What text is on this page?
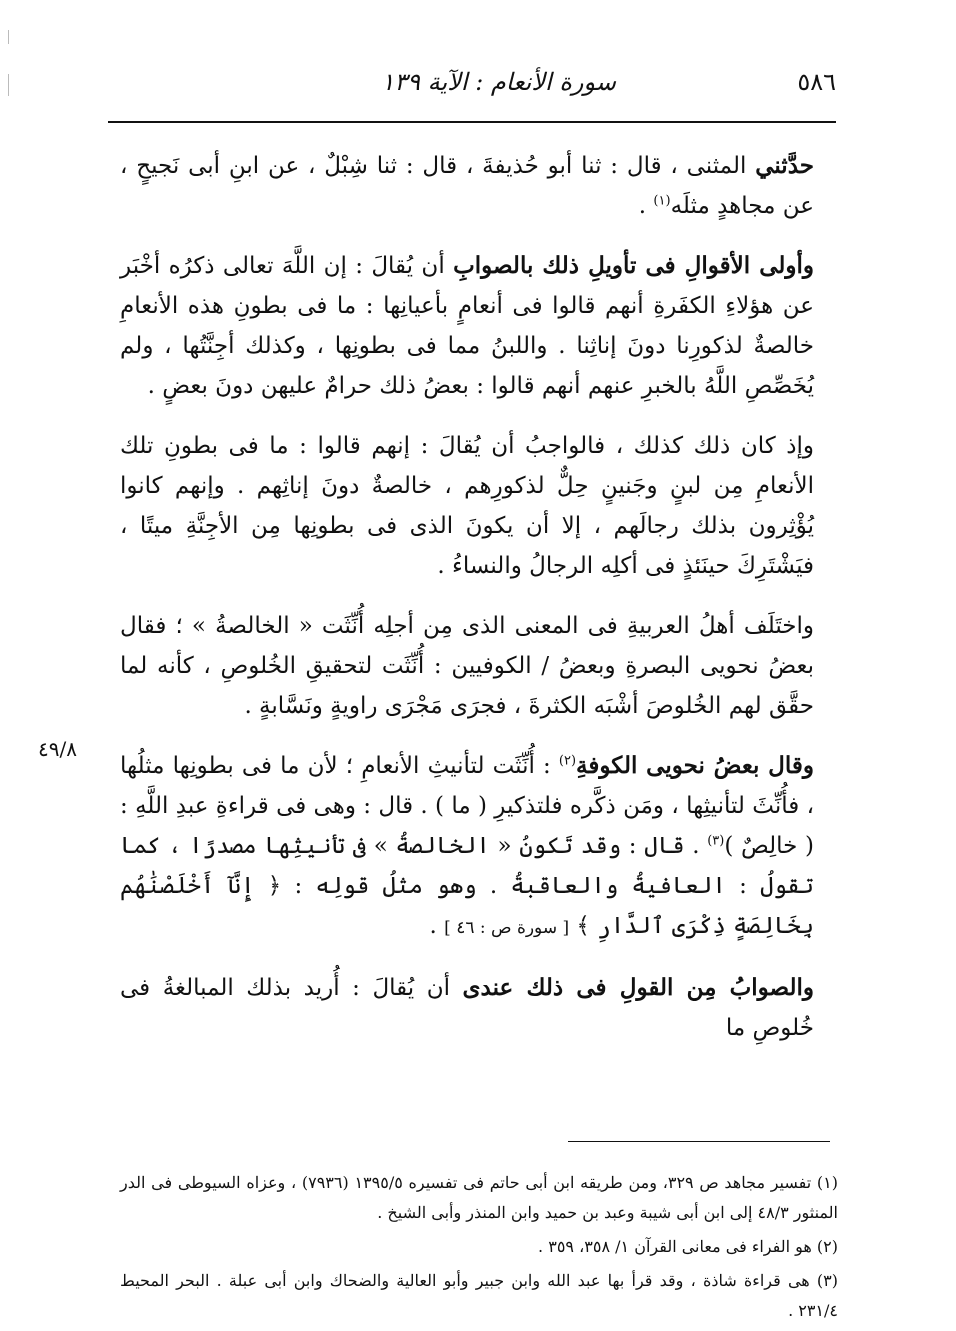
٥٨٦
سورة الأنعام : الآية ١٣٩

حدَّثني المثنى ، قال : ثنا أبو حُذيفةَ ، قال : ثنا شِبْلٌ ، عن ابنِ أبى نَجيحٍ ، عن مجاهدٍ مثلَه$^{(١)}$ .

وأولى الأقوالِ فى تأويلِ ذلك بالصوابِ أن يُقالَ : إن اللَّهَ تعالى ذكرُه أخْبَر عن هؤلاءِ الكفَرةِ أنهم قالوا فى أنعامٍ بأعيانِها : ما فى بطونِ هذه الأنعامِ خالصةٌ لذكورِنا دونَ إناثِنا . واللبنُ مما فى بطونِها ، وكذلك أجِنَّتُها ، ولم يُخَصِّصِ اللَّهُ بالخبرِ عنهم أنهم قالوا : بعضُ ذلك حرامٌ عليهن دونَ بعضٍ .

وإذ كان ذلك كذلك ، فالواجبُ أن يُقالَ : إنهم قالوا : ما فى بطونِ تلك الأنعامِ مِن لبنٍ وجَنينٍ حِلٌّ لذكورِهم ، خالصةٌ دونَ إناثِهم . وإنهم كانوا يُؤْثِرون بذلك رجالَهم ، إلا أن يكونَ الذى فى بطونِها مِن الأجِنَّةِ ميتًا ، فيَشْتَرِكَ حينَئذٍ فى أكلِه الرجالُ والنساءُ .

واختَلَف أهلُ العربيةِ فى المعنى الذى مِن أجلِه أُنِّثَت « الخالصةُ » ؛ فقال بعضُ نحويى البصرةِ وبعضُ / الكوفيين : أُنِّثَت لتحقيقِ الخُلوصِ ، كأنه لما حقَّق لهم الخُلوصَ أشْبَه الكثرةَ ، فجرَى مَجْرَى راويةٍ ونَسَّابةٍ .

وقال بعضُ نحويى الكوفةِ$^{(٢)}$ : أُنِّثَت لتأنيثِ الأنعامِ ؛ لأن ما فى بطونِها مثلُها ، فأُنِّثَ لتأنيثِها ، ومَن ذكَّره فلتذكيرِ ( ما ) . قال : وهى فى قراءةِ عبدِ اللَّهِ : ( خالِصٌ )$^{(٣)}$ . قال : وقد تَكونُ « الخالصةُ » فى تأنيثِها مصدرًا ، كما تقولُ : العافيةُ والعاقبةُ . وهو مثلُ قولِه : ﴿ إِنَّآ أَخْلَصْنَٰهُم بِخَالِصَةٍ ذِكْرَى ٱلدَّارِ ﴾ [ سورة ص : ٤٦ ] .

والصوابُ مِن القولِ فى ذلك عندى أن يُقالَ : أُريد بذلك المبالغةُ فى خُلوصِ ما

٤٩/٨

(١) تفسير مجاهد ص ٣٢٩، ومن طريقه ابن أبى حاتم فى تفسيره ١٣٩٥/٥ (٧٩٣٦) ، وعزاه السيوطى فى الدر المنثور ٤٨/٣ إلى ابن أبى شيبة وعبد بن حميد وابن المنذر وأبى الشيخ .

(٢) هو الفراء فى معانى القرآن ١/ ٣٥٨، ٣٥٩ .

(٣) هى قراءة شاذة ، وقد قرأ بها عبد الله وابن جبير وأبو العالية والضحاك وابن أبى عبلة . البحر المحيط ٢٣١/٤ .
